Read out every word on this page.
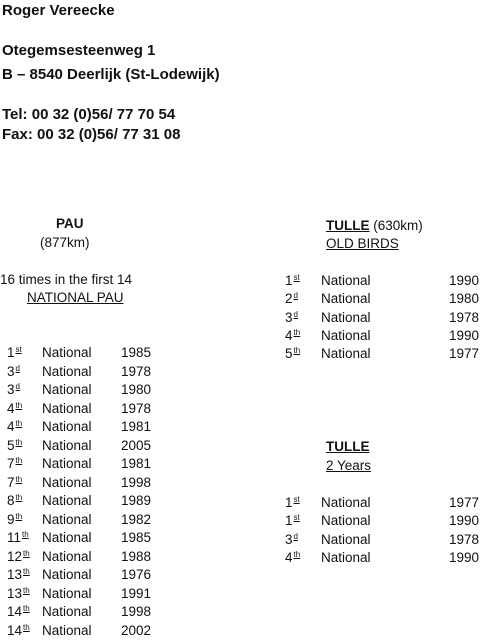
Roger Vereecke
Otegemsesteenweg 1
B – 8540 Deerlijk (St-Lodewijk)
Tel: 00 32 (0)56/ 77 70 54
Fax: 00 32 (0)56/ 77 31 08
PAU
(877km)
16 times in the first 14
NATIONAL PAU
TULLE (630km)
OLD BIRDS
TULLE
2 Years
1st National 1985
3$^d$ National 1978
3$^d$ National 1980
4th National 1978
4th National 1981
5th National 2005
7th National 1981
7th National 1998
8th National 1989
9th National 1982
11th National 1985
12th National 1988
13th National 1976
13th National 1991
14th National 1998
14th National 2002
1st National	1990
2$^d$ National	1980
3$^d$ National	1978
4th National	1990
5th National	1977
1st National	1977
1st National	1990
3$^d$ National	1978
4th National	1990
